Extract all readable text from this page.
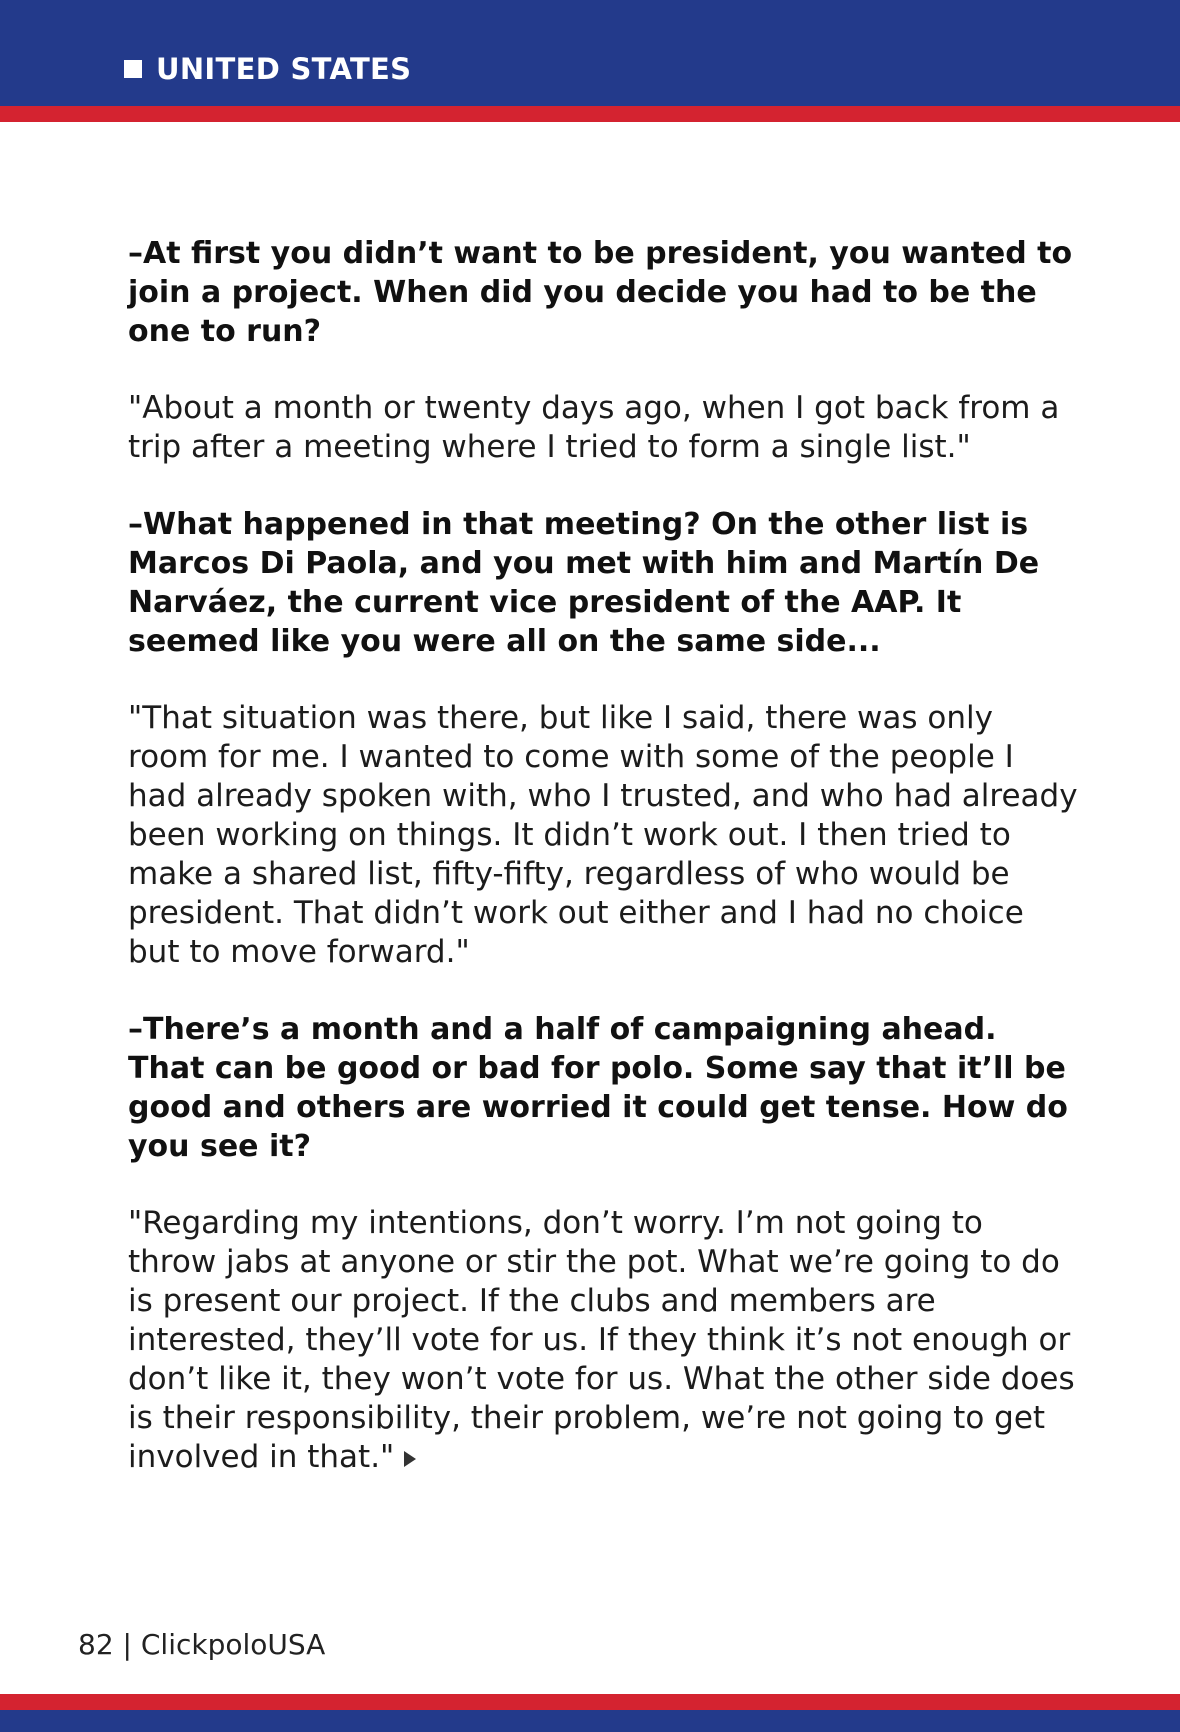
UNITED STATES

–At first you didn’t want to be president, you wanted to join a project. When did you decide you had to be the one to run?

"About a month or twenty days ago, when I got back from a trip after a meeting where I tried to form a single list."

–What happened in that meeting? On the other list is Marcos Di Paola, and you met with him and Martín De Narváez, the current vice president of the AAP. It seemed like you were all on the same side...

"That situation was there, but like I said, there was only room for me. I wanted to come with some of the people I had already spoken with, who I trusted, and who had already been working on things. It didn’t work out. I then tried to make a shared list, fifty-fifty, regardless of who would be president. That didn’t work out either and I had no choice but to move forward."

–There’s a month and a half of campaigning ahead. That can be good or bad for polo. Some say that it’ll be good and others are worried it could get tense. How do you see it?

"Regarding my intentions, don’t worry. I’m not going to throw jabs at anyone or stir the pot. What we’re going to do is present our project. If the clubs and members are interested, they’ll vote for us. If they think it’s not enough or don’t like it, they won’t vote for us. What the other side does is their responsibility, their problem, we’re not going to get involved in that."

82 | ClickpoloUSA
